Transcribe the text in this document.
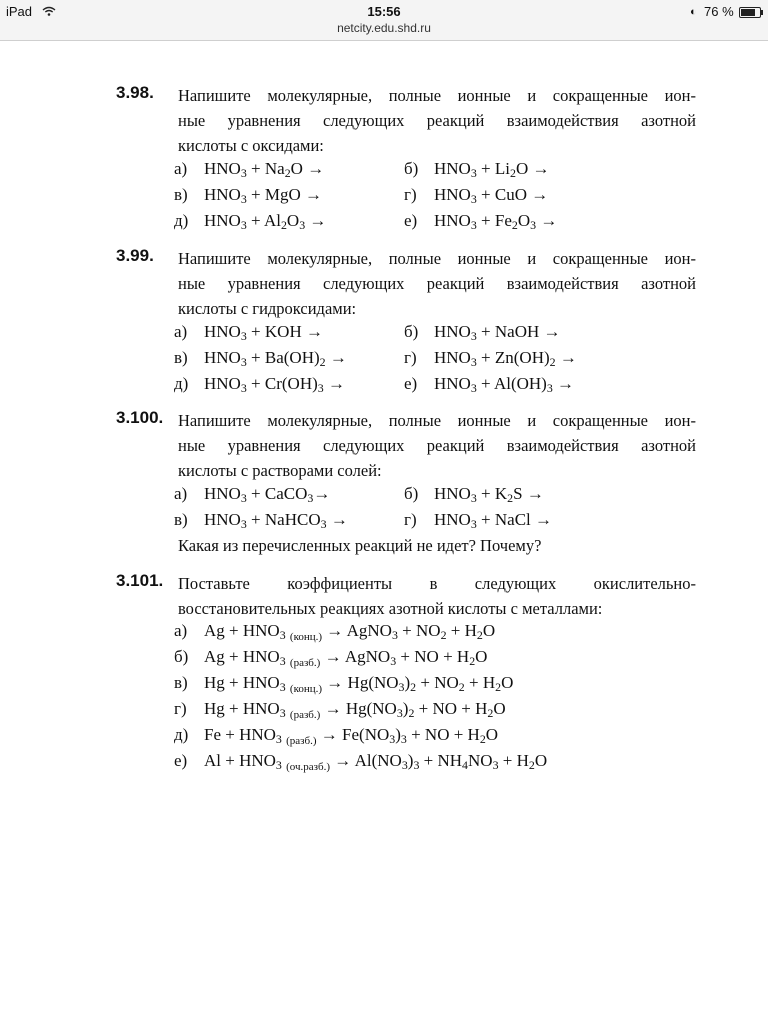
iPad	15:56
netcity.edu.shd.ru
◐ 76 %
3.98. Напишите молекулярные, полные ионные и сокращенные ион-
ные уравнения следующих реакций взаимодействия азотной
кислоты с оксидами:
а) $HNO_3 + Na_2O$ →	б) $HNO_3 + Li_2O$ →
в) $HNO_3$ + MgO →	г) $HNO_3$ + CuO →
д) $HNO_3 + Al_2O_3$ →	е) $HNO_3 + Fe_2O_3$ →
3.99. Напишите молекулярные, полные ионные и сокращенные ион-
ные уравнения следующих реакций взаимодействия азотной
кислоты с гидроксидами:
а) $HNO_3$ + KOH →	б) $HNO_3$ + NaOH →
в) $HNO_3 + Ba(OH)_2$ →	г) $HNO_3 + Zn(OH)_2$ →
д) $HNO_3 + Cr(OH)_3$ →	е) $HNO_3 + Al(OH)_3$ →
3.100. Напишите молекулярные, полные ионные и сокращенные ион-
ные уравнения следующих реакций взаимодействия азотной
кислоты с растворами солей:
а) $HNO_3$ + CaCO$_3$→	б) $HNO_3 + K_2S$ →
в) $HNO_3$ + NaHCO$_3$ →	г) $HNO_3$ + NaCl →
Какая из перечисленных реакций не идет? Почему?
3.101. Поставьте коэффициенты в следующих окислительно-
восстановительных реакциях азотной кислоты с металлами:
а) $Ag + HNO_3$ $_{(конц.)}$ → AgNO$_3$ + $NO_2 + H_2O$
б) $Ag + HNO_3$ $_{(разб.)}$ → AgNO$_3$ + NO + $H_2O$
в) $Hg + HNO_3$ $_{(конц.)} \to Hg(NO_3)_2 + NO_2 + H_2O$
г) $Hg + HNO_3$ $_{(разб.)} \to Hg(NO_3)_2$ + NO + $H_2O$
д) $Fe + HNO_3$ $_{(разб.)} \to Fe(NO_3)_3$ + NO + $H_2O$
е) $Al + HNO_3$ $_{(оч.разб.)} \to Al(NO_3)_3 + NH_4NO_3 + H_2O$
